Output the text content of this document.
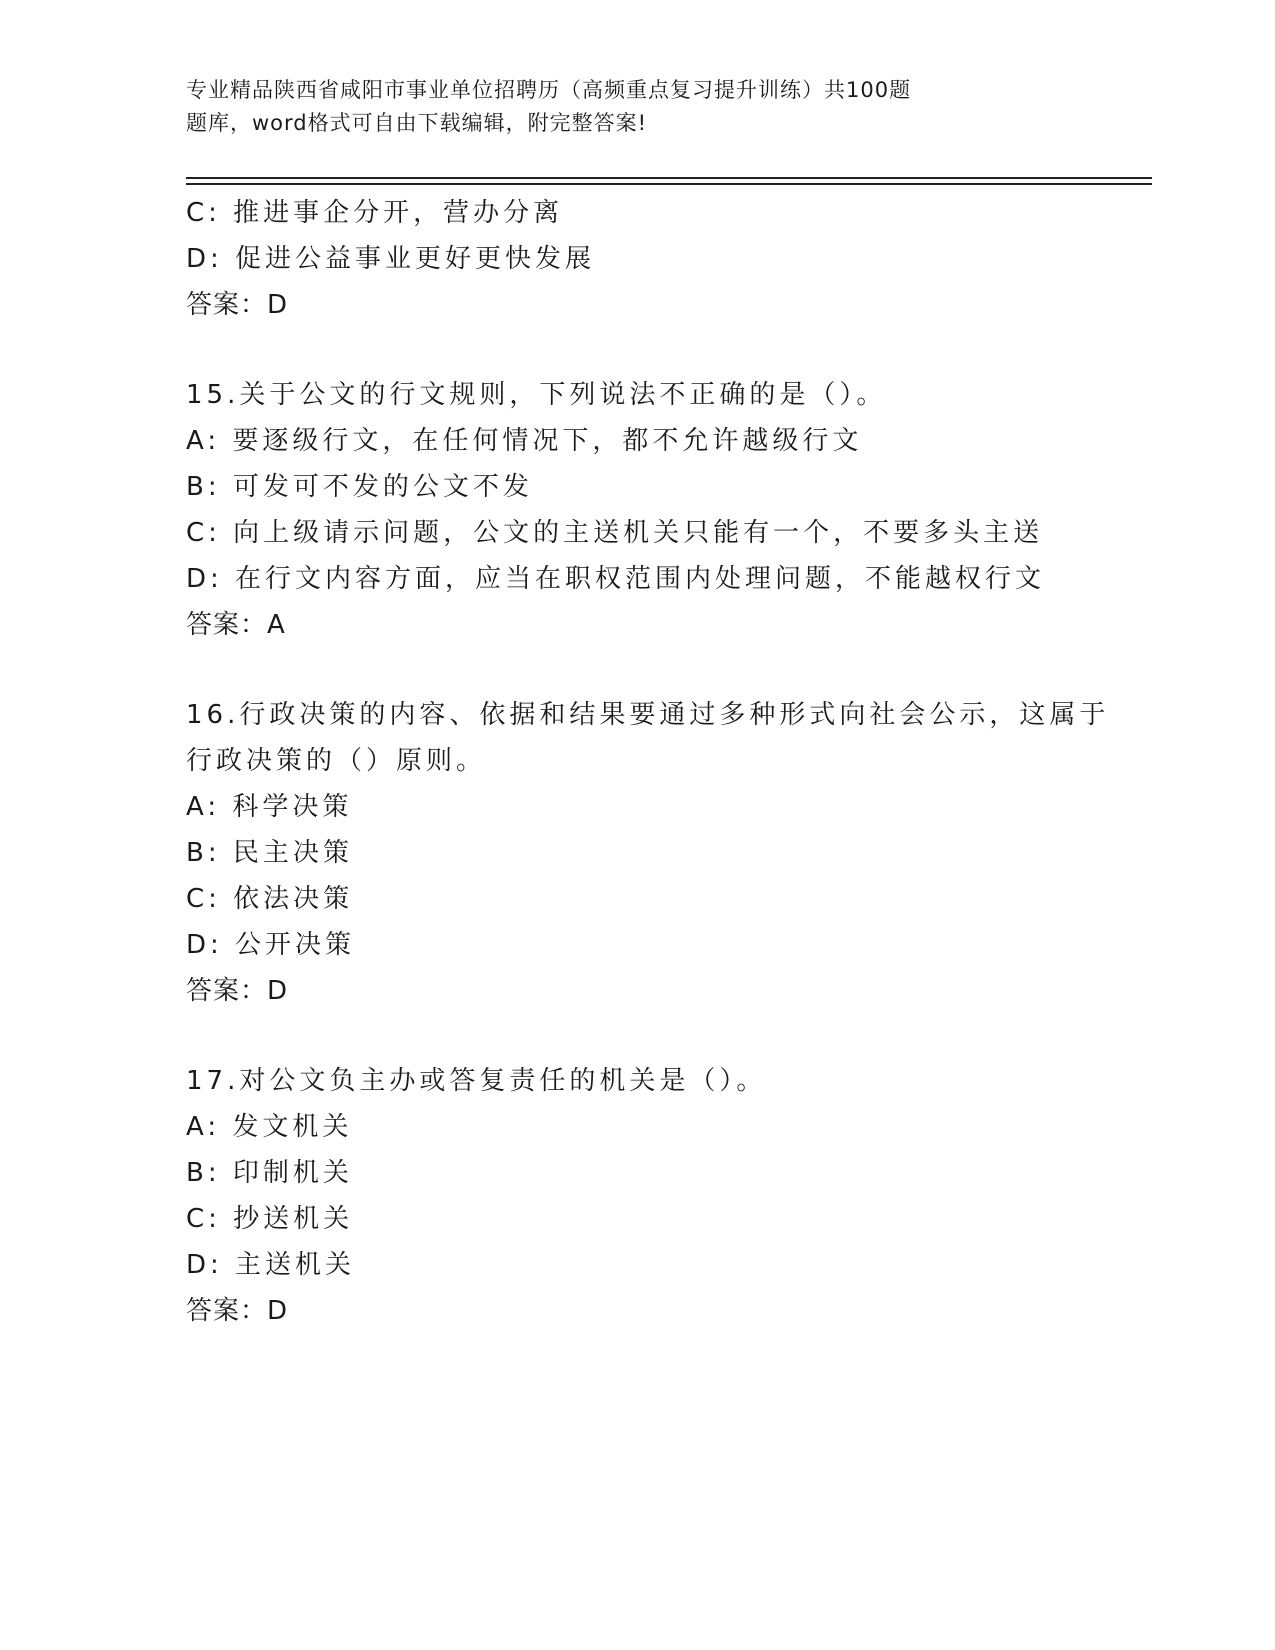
专业精品陕西省咸阳市事业单位招聘历（高频重点复习提升训练）共100题
题库，word格式可自由下载编辑，附完整答案!
C: 推进事企分开，营办分离
D: 促进公益事业更好更快发展
答案：D
15.关于公文的行文规则，下列说法不正确的是（）。
A: 要逐级行文，在任何情况下，都不允许越级行文
B: 可发可不发的公文不发
C: 向上级请示问题，公文的主送机关只能有一个，不要多头主送
D: 在行文内容方面，应当在职权范围内处理问题，不能越权行文
答案：A
16.行政决策的内容、依据和结果要通过多种形式向社会公示，这属于
行政决策的（）原则。
A: 科学决策
B: 民主决策
C: 依法决策
D: 公开决策
答案：D
17.对公文负主办或答复责任的机关是（）。
A: 发文机关
B: 印制机关
C: 抄送机关
D: 主送机关
答案：D
